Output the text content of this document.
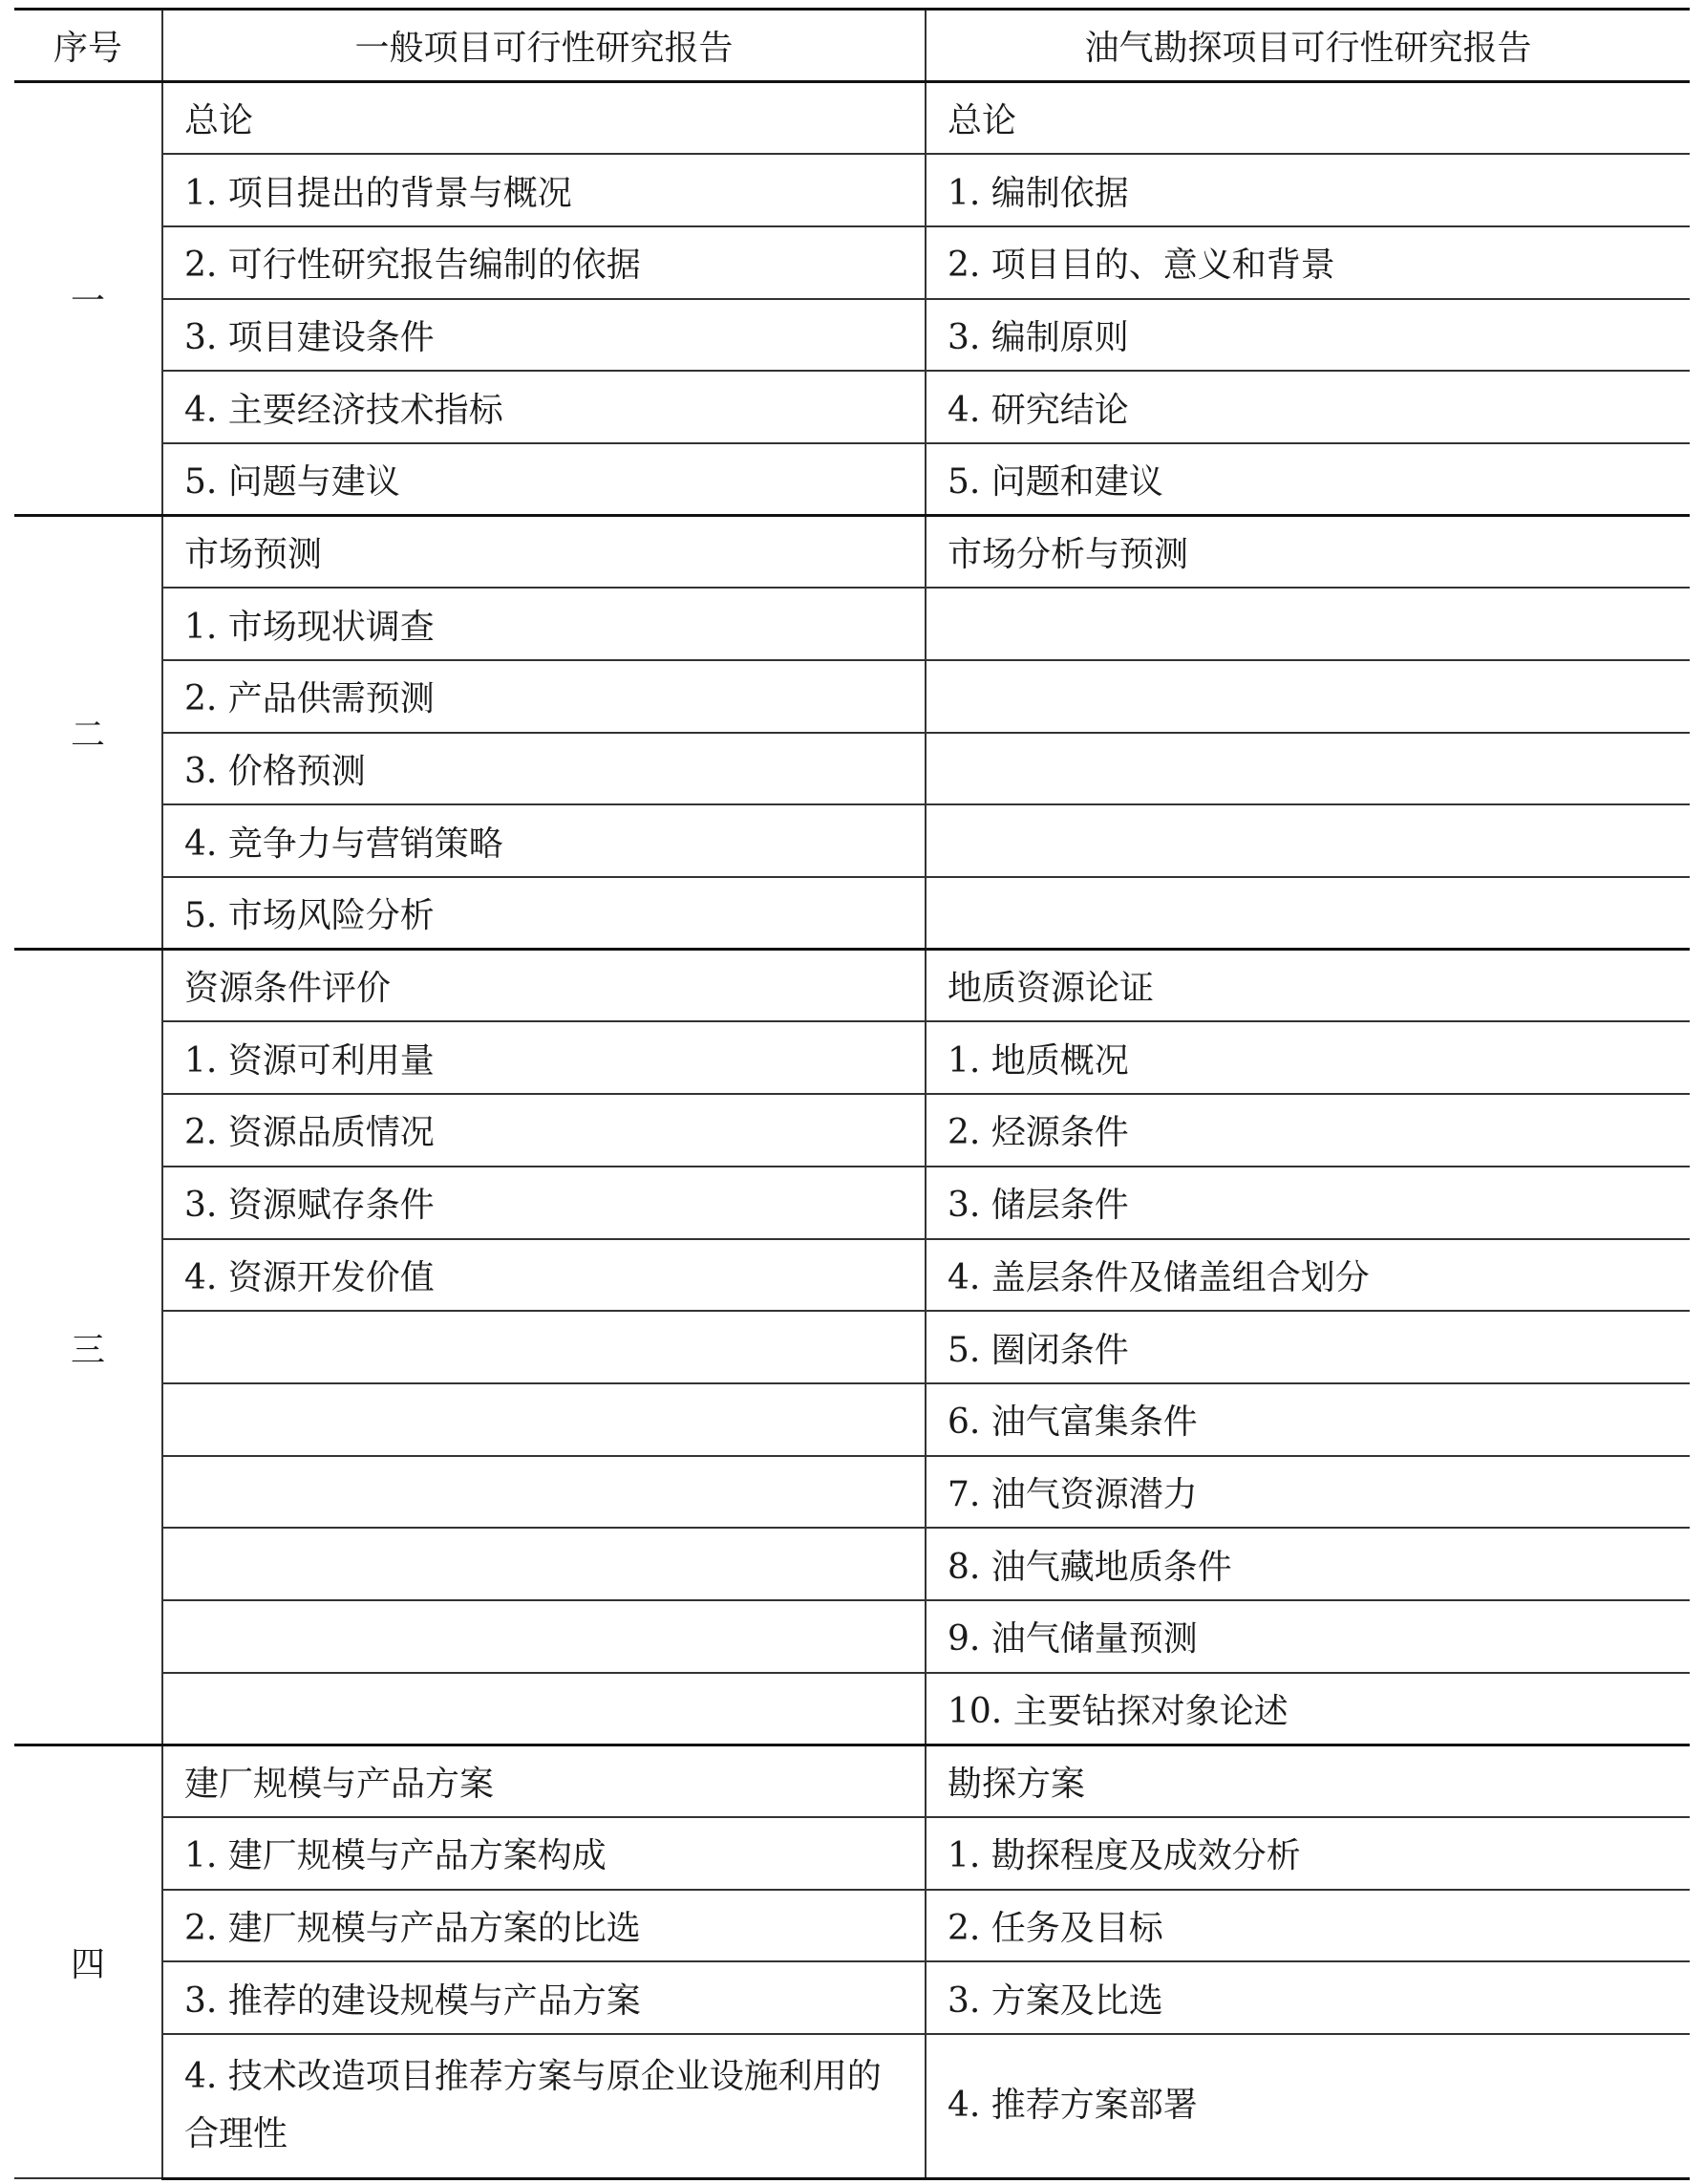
序号	一般项目可行性研究报告	油气勘探项目可行性研究报告
一	总论	总论
	1. 项目提出的背景与概况	1. 编制依据
	2. 可行性研究报告编制的依据	2. 项目目的、意义和背景
	3. 项目建设条件	3. 编制原则
	4. 主要经济技术指标	4. 研究结论
	5. 问题与建议	5. 问题和建议
二	市场预测	市场分析与预测
	1. 市场现状调查	
	2. 产品供需预测	
	3. 价格预测	
	4. 竞争力与营销策略	
	5. 市场风险分析	
三	资源条件评价	地质资源论证
	1. 资源可利用量	1. 地质概况
	2. 资源品质情况	2. 烃源条件
	3. 资源赋存条件	3. 储层条件
	4. 资源开发价值	4. 盖层条件及储盖组合划分
		5. 圈闭条件
		6. 油气富集条件
		7. 油气资源潜力
		8. 油气藏地质条件
		9. 油气储量预测
		10. 主要钻探对象论述
四	建厂规模与产品方案	勘探方案
	1. 建厂规模与产品方案构成	1. 勘探程度及成效分析
	2. 建厂规模与产品方案的比选	2. 任务及目标
	3. 推荐的建设规模与产品方案	3. 方案及比选
	4. 技术改造项目推荐方案与原企业设施利用的合理性	4. 推荐方案部署
